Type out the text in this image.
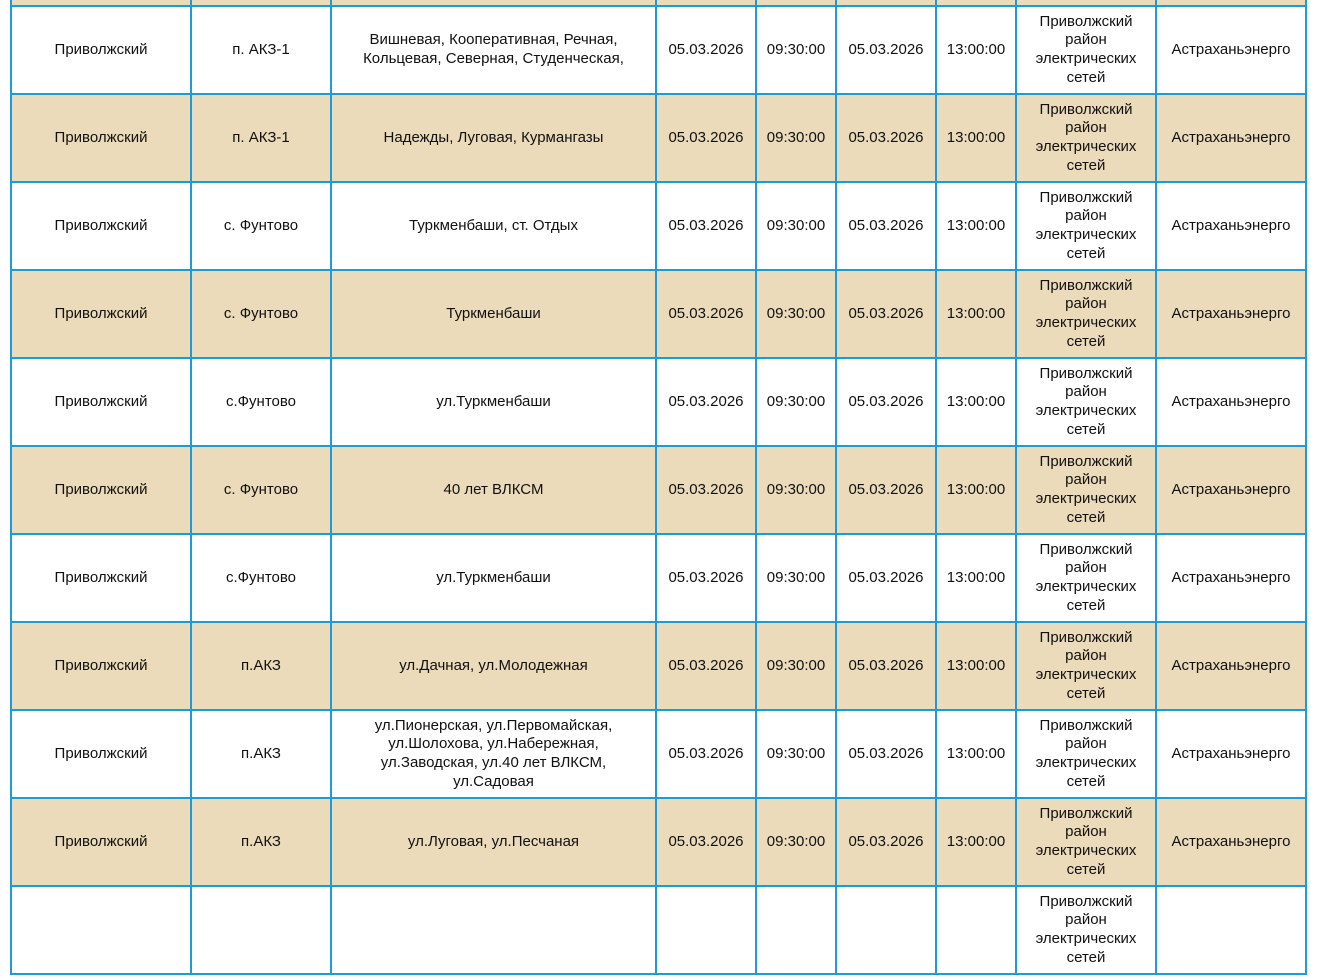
Приволжский	п. АКЗ-1	Вишневая, Кооперативная, Речная, Кольцевая, Северная, Студенческая,	05.03.2026	09:30:00	05.03.2026	13:00:00	Приволжский район электрических сетей	Астраханьэнерго
Приволжский	п. АКЗ-1	Надежды, Луговая, Курмангазы	05.03.2026	09:30:00	05.03.2026	13:00:00	Приволжский район электрических сетей	Астраханьэнерго
Приволжский	с. Фунтово	Туркменбаши, ст. Отдых	05.03.2026	09:30:00	05.03.2026	13:00:00	Приволжский район электрических сетей	Астраханьэнерго
Приволжский	с. Фунтово	Туркменбаши	05.03.2026	09:30:00	05.03.2026	13:00:00	Приволжский район электрических сетей	Астраханьэнерго
Приволжский	с.Фунтово	ул.Туркменбаши	05.03.2026	09:30:00	05.03.2026	13:00:00	Приволжский район электрических сетей	Астраханьэнерго
Приволжский	с. Фунтово	40 лет ВЛКСМ	05.03.2026	09:30:00	05.03.2026	13:00:00	Приволжский район электрических сетей	Астраханьэнерго
Приволжский	с.Фунтово	ул.Туркменбаши	05.03.2026	09:30:00	05.03.2026	13:00:00	Приволжский район электрических сетей	Астраханьэнерго
Приволжский	п.АКЗ	ул.Дачная, ул.Молодежная	05.03.2026	09:30:00	05.03.2026	13:00:00	Приволжский район электрических сетей	Астраханьэнерго
Приволжский	п.АКЗ	ул.Пионерская, ул.Первомайская, ул.Шолохова, ул.Набережная, ул.Заводская, ул.40 лет ВЛКСМ, ул.Садовая	05.03.2026	09:30:00	05.03.2026	13:00:00	Приволжский район электрических сетей	Астраханьэнерго
Приволжский	п.АКЗ	ул.Луговая, ул.Песчаная	05.03.2026	09:30:00	05.03.2026	13:00:00	Приволжский район электрических сетей	Астраханьэнерго
							Приволжский район электрических сетей	
